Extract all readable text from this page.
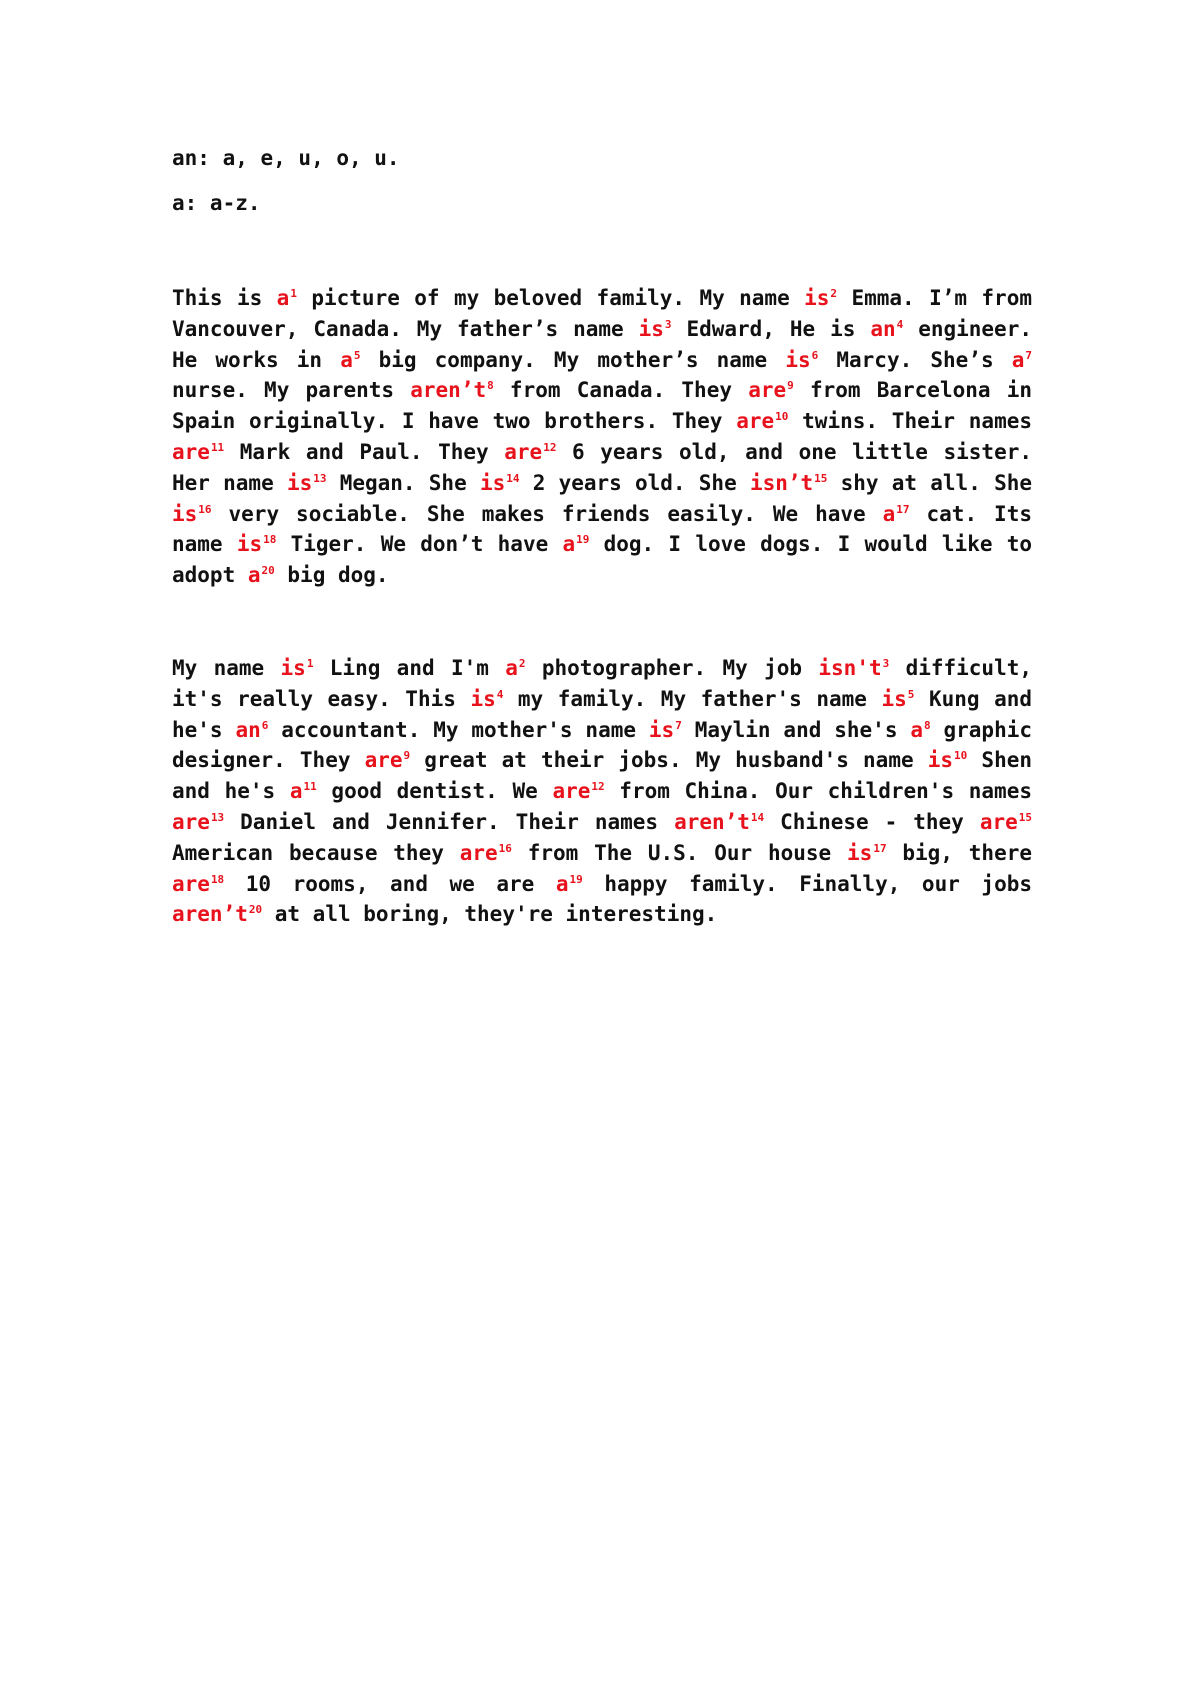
an: a, e, u, o, u.

a: a-z.

This is $a^1$ picture of my beloved family. My name $is^2$ Emma. I’m from Vancouver, Canada. My father’s name $is^3$ Edward, He is $an^4$ engineer. He works in $a^5$ big company. My mother’s name $is^6$ Marcy. She’s $a^7$ nurse. My parents $aren’t^8$ from Canada. They are$^9$ from Barcelona in Spain originally. I have two brothers. They are$^{10}$ twins. Their names are$^{11}$ Mark and Paul. They are$^{12}$ 6 years old, and one little sister. Her name $is^{13}$ Megan. She $is^{14}$ 2 years old. She $isn’t^{15}$ shy at all. She $is^{16}$ very sociable. She makes friends easily. We have $a^{17}$ cat. Its name $is^{18}$ Tiger. We don’t have $a^{19}$ dog. I love dogs. I would like to adopt $a^{20}$ big dog.

My name $is^1$ Ling and I'm $a^2$ photographer. My job $isn't^3$ difficult, it's really easy. This $is^4$ my family. My father's name $is^5$ Kung and he's $an^6$ accountant. My mother's name $is^7$ Maylin and she's $a^8$ graphic designer. They are$^9$ great at their jobs. My husband's name $is^{10}$ Shen and he's $a^{11}$ good dentist. We are$^{12}$ from China. Our children's names are$^{13}$ Daniel and Jennifer. Their names $aren’t^{14}$ Chinese - they are$^{15}$ American because they are$^{16}$ from The U.S. Our house $is^{17}$ big, there are$^{18}$ 10 rooms, and we are $a^{19}$ happy family. Finally, our jobs $aren’t^{20}$ at all boring, they're interesting.
